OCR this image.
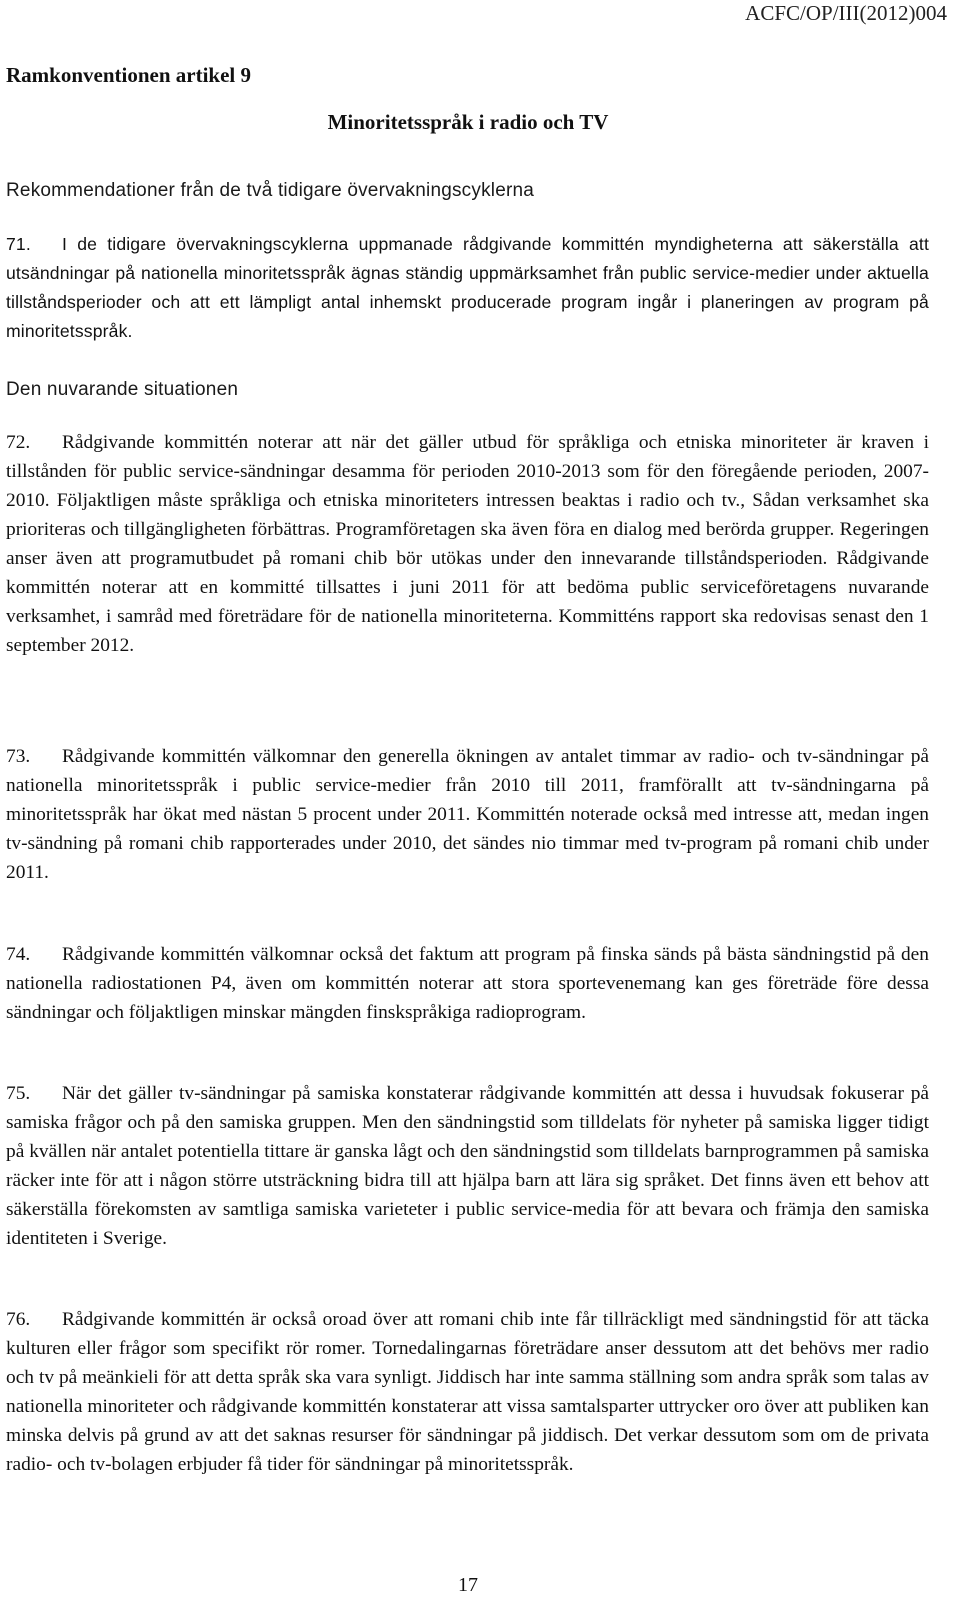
ACFC/OP/III(2012)004
Ramkonventionen artikel 9
Minoritetsspråk i radio och TV
Rekommendationer från de två tidigare övervakningscyklerna

71. I de tidigare övervakningscyklerna uppmanade rådgivande kommittén myndigheterna att säkerställa att utsändningar på nationella minoritetsspråk ägnas ständig uppmärksamhet från public service-medier under aktuella tillståndsperioder och att ett lämpligt antal inhemskt producerade program ingår i planeringen av program på minoritetsspråk.

Den nuvarande situationen

72. Rådgivande kommittén noterar att när det gäller utbud för språkliga och etniska minoriteter är kraven i tillstånden för public service-sändningar desamma för perioden 2010-2013 som för den föregående perioden, 2007-2010. Följaktligen måste språkliga och etniska minoriteters intressen beaktas i radio och tv., Sådan verksamhet ska prioriteras och tillgängligheten förbättras. Programföretagen ska även föra en dialog med berörda grupper. Regeringen anser även att programutbudet på romani chib bör utökas under den innevarande tillståndsperioden. Rådgivande kommittén noterar att en kommitté tillsattes i juni 2011 för att bedöma public serviceföretagens nuvarande verksamhet, i samråd med företrädare för de nationella minoriteterna. Kommitténs rapport ska redovisas senast den 1 september 2012.

73. Rådgivande kommittén välkomnar den generella ökningen av antalet timmar av radio- och tv-sändningar på nationella minoritetsspråk i public service-medier från 2010 till 2011, framförallt att tv-sändningarna på minoritetsspråk har ökat med nästan 5 procent under 2011. Kommittén noterade också med intresse att, medan ingen tv-sändning på romani chib rapporterades under 2010, det sändes nio timmar med tv-program på romani chib under 2011.

74. Rådgivande kommittén välkomnar också det faktum att program på finska sänds på bästa sändningstid på den nationella radiostationen P4, även om kommittén noterar att stora sportevenemang kan ges företräde före dessa sändningar och följaktligen minskar mängden finskspråkiga radioprogram.

75. När det gäller tv-sändningar på samiska konstaterar rådgivande kommittén att dessa i huvudsak fokuserar på samiska frågor och på den samiska gruppen. Men den sändningstid som tilldelats för nyheter på samiska ligger tidigt på kvällen när antalet potentiella tittare är ganska lågt och den sändningstid som tilldelats barnprogrammen på samiska räcker inte för att i någon större utsträckning bidra till att hjälpa barn att lära sig språket. Det finns även ett behov att säkerställa förekomsten av samtliga samiska varieteter i public service-media för att bevara och främja den samiska identiteten i Sverige.

76. Rådgivande kommittén är också oroad över att romani chib inte får tillräckligt med sändningstid för att täcka kulturen eller frågor som specifikt rör romer. Tornedalingarnas företrädare anser dessutom att det behövs mer radio och tv på meänkieli för att detta språk ska vara synligt. Jiddisch har inte samma ställning som andra språk som talas av nationella minoriteter och rådgivande kommittén konstaterar att vissa samtalsparter uttrycker oro över att publiken kan minska delvis på grund av att det saknas resurser för sändningar på jiddisch. Det verkar dessutom som om de privata radio- och tv-bolagen erbjuder få tider för sändningar på minoritetsspråk.

17
